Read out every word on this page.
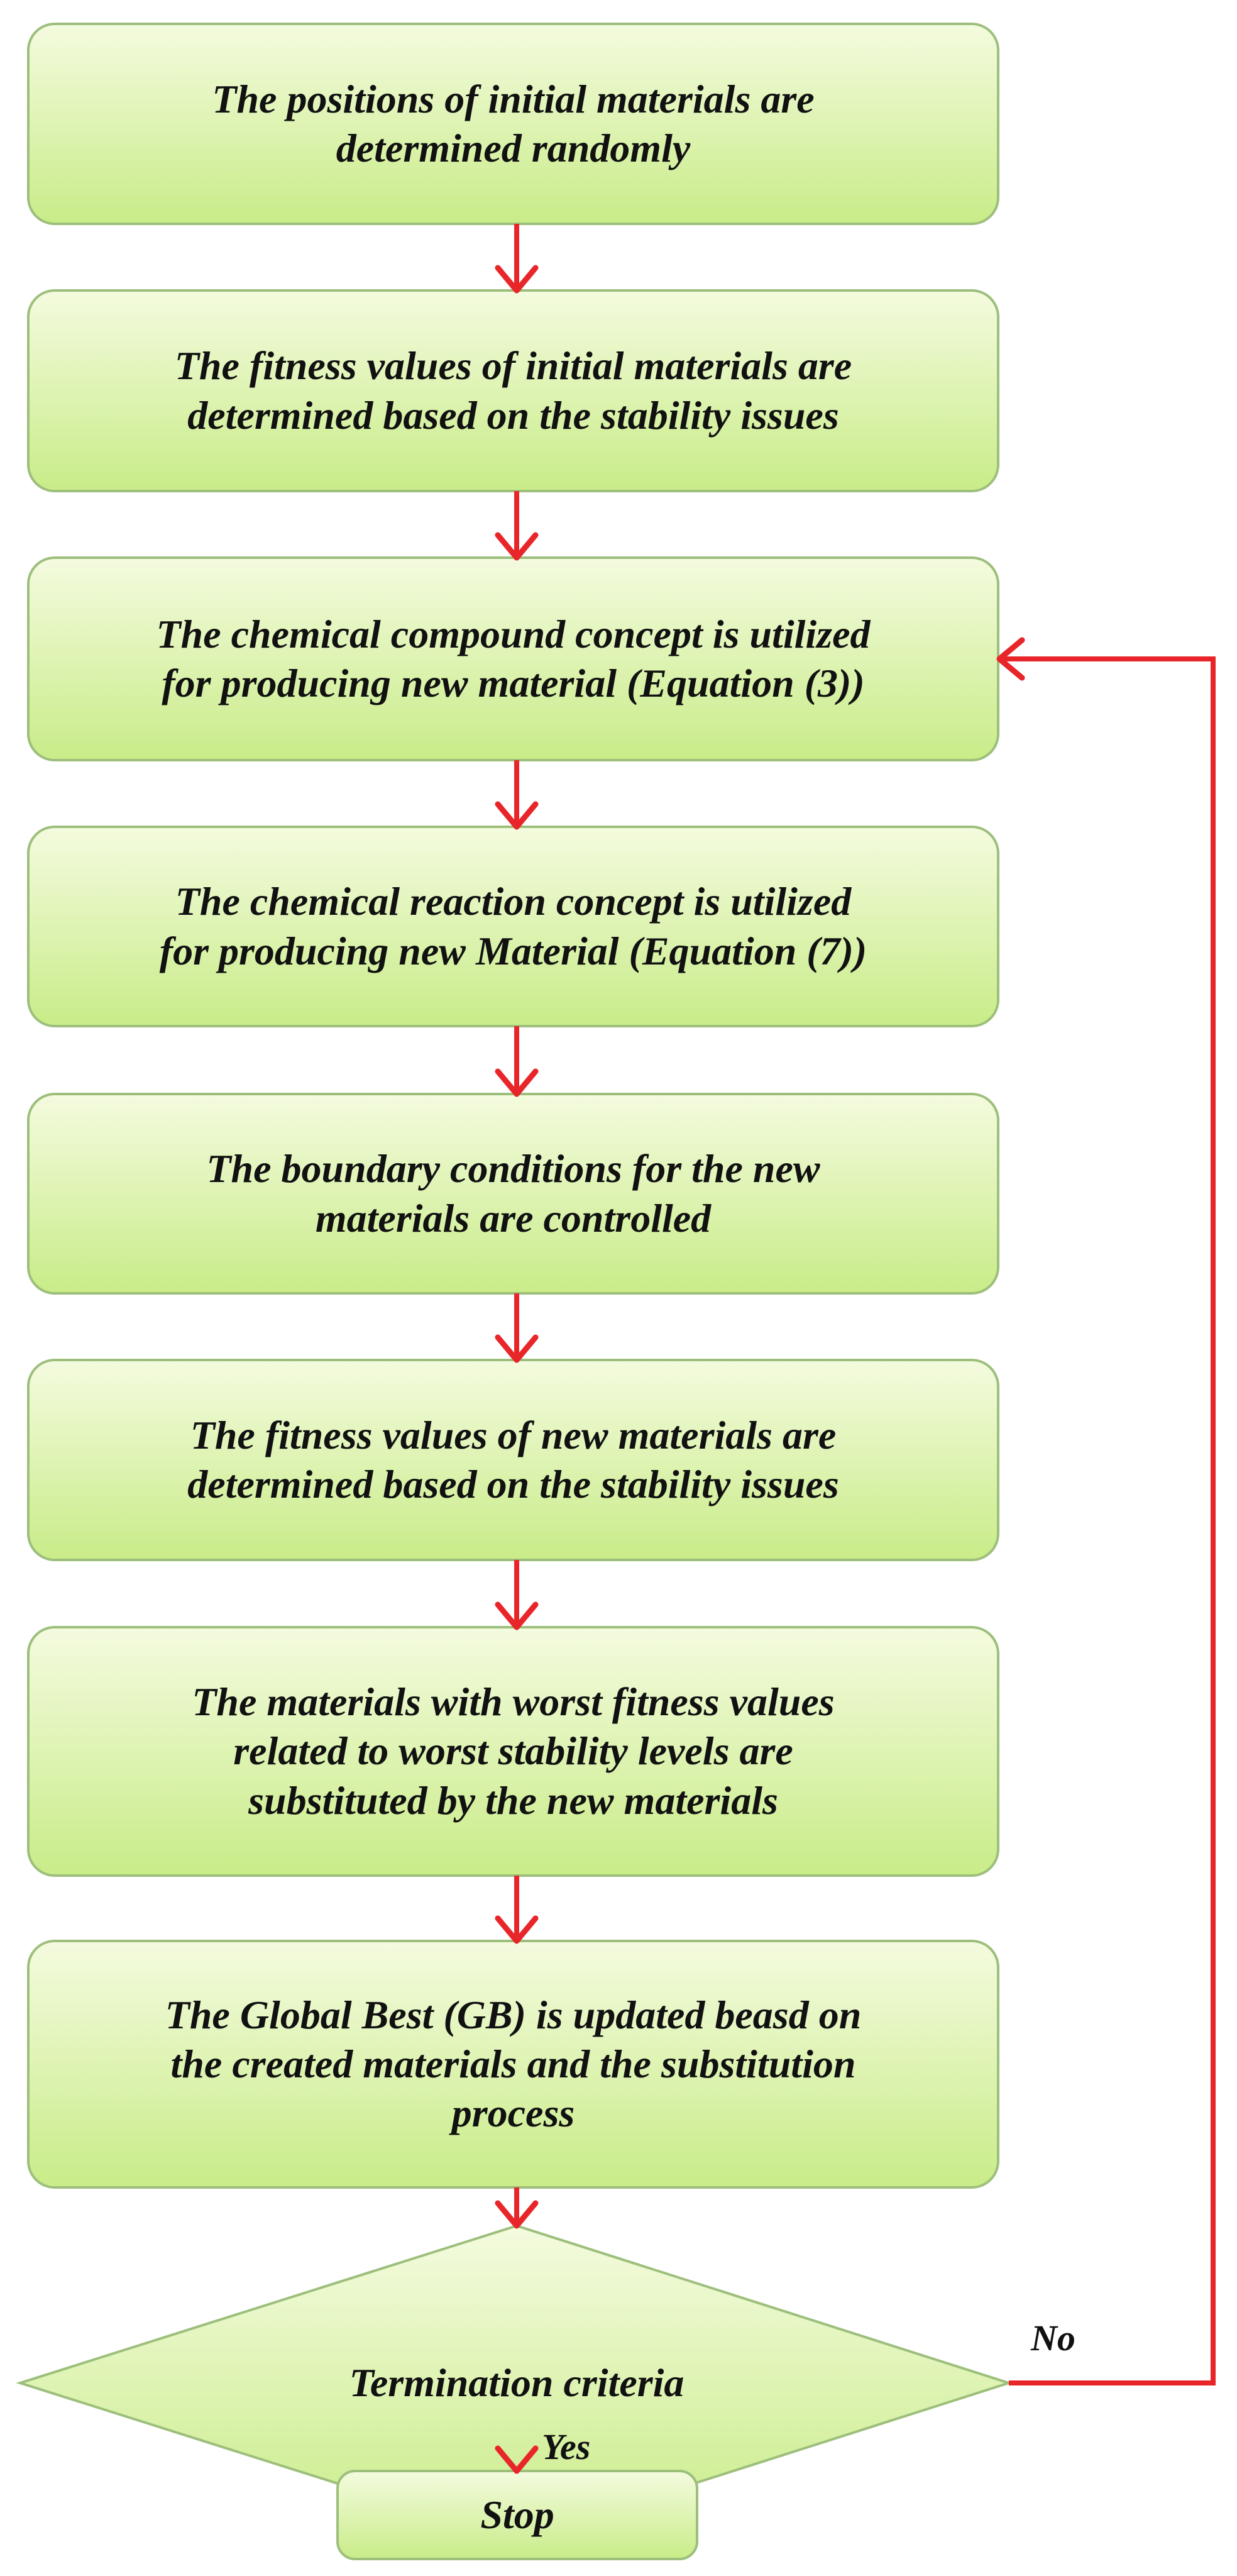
The positions of initial materials are
determined randomly
The fitness values of initial materials are
determined based on the stability issues
The chemical compound concept is utilized
for producing new material (Equation (3))
The chemical reaction concept is utilized
for producing new Material (Equation (7))
The boundary conditions for the new
materials are controlled
The fitness values of new materials are
determined based on the stability issues
The materials with worst fitness values
related to worst stability levels are
substituted by the new materials
The Global Best (GB) is updated beasd on
the created materials and the substitution
process
Termination criteria
Stop
No
Yes
